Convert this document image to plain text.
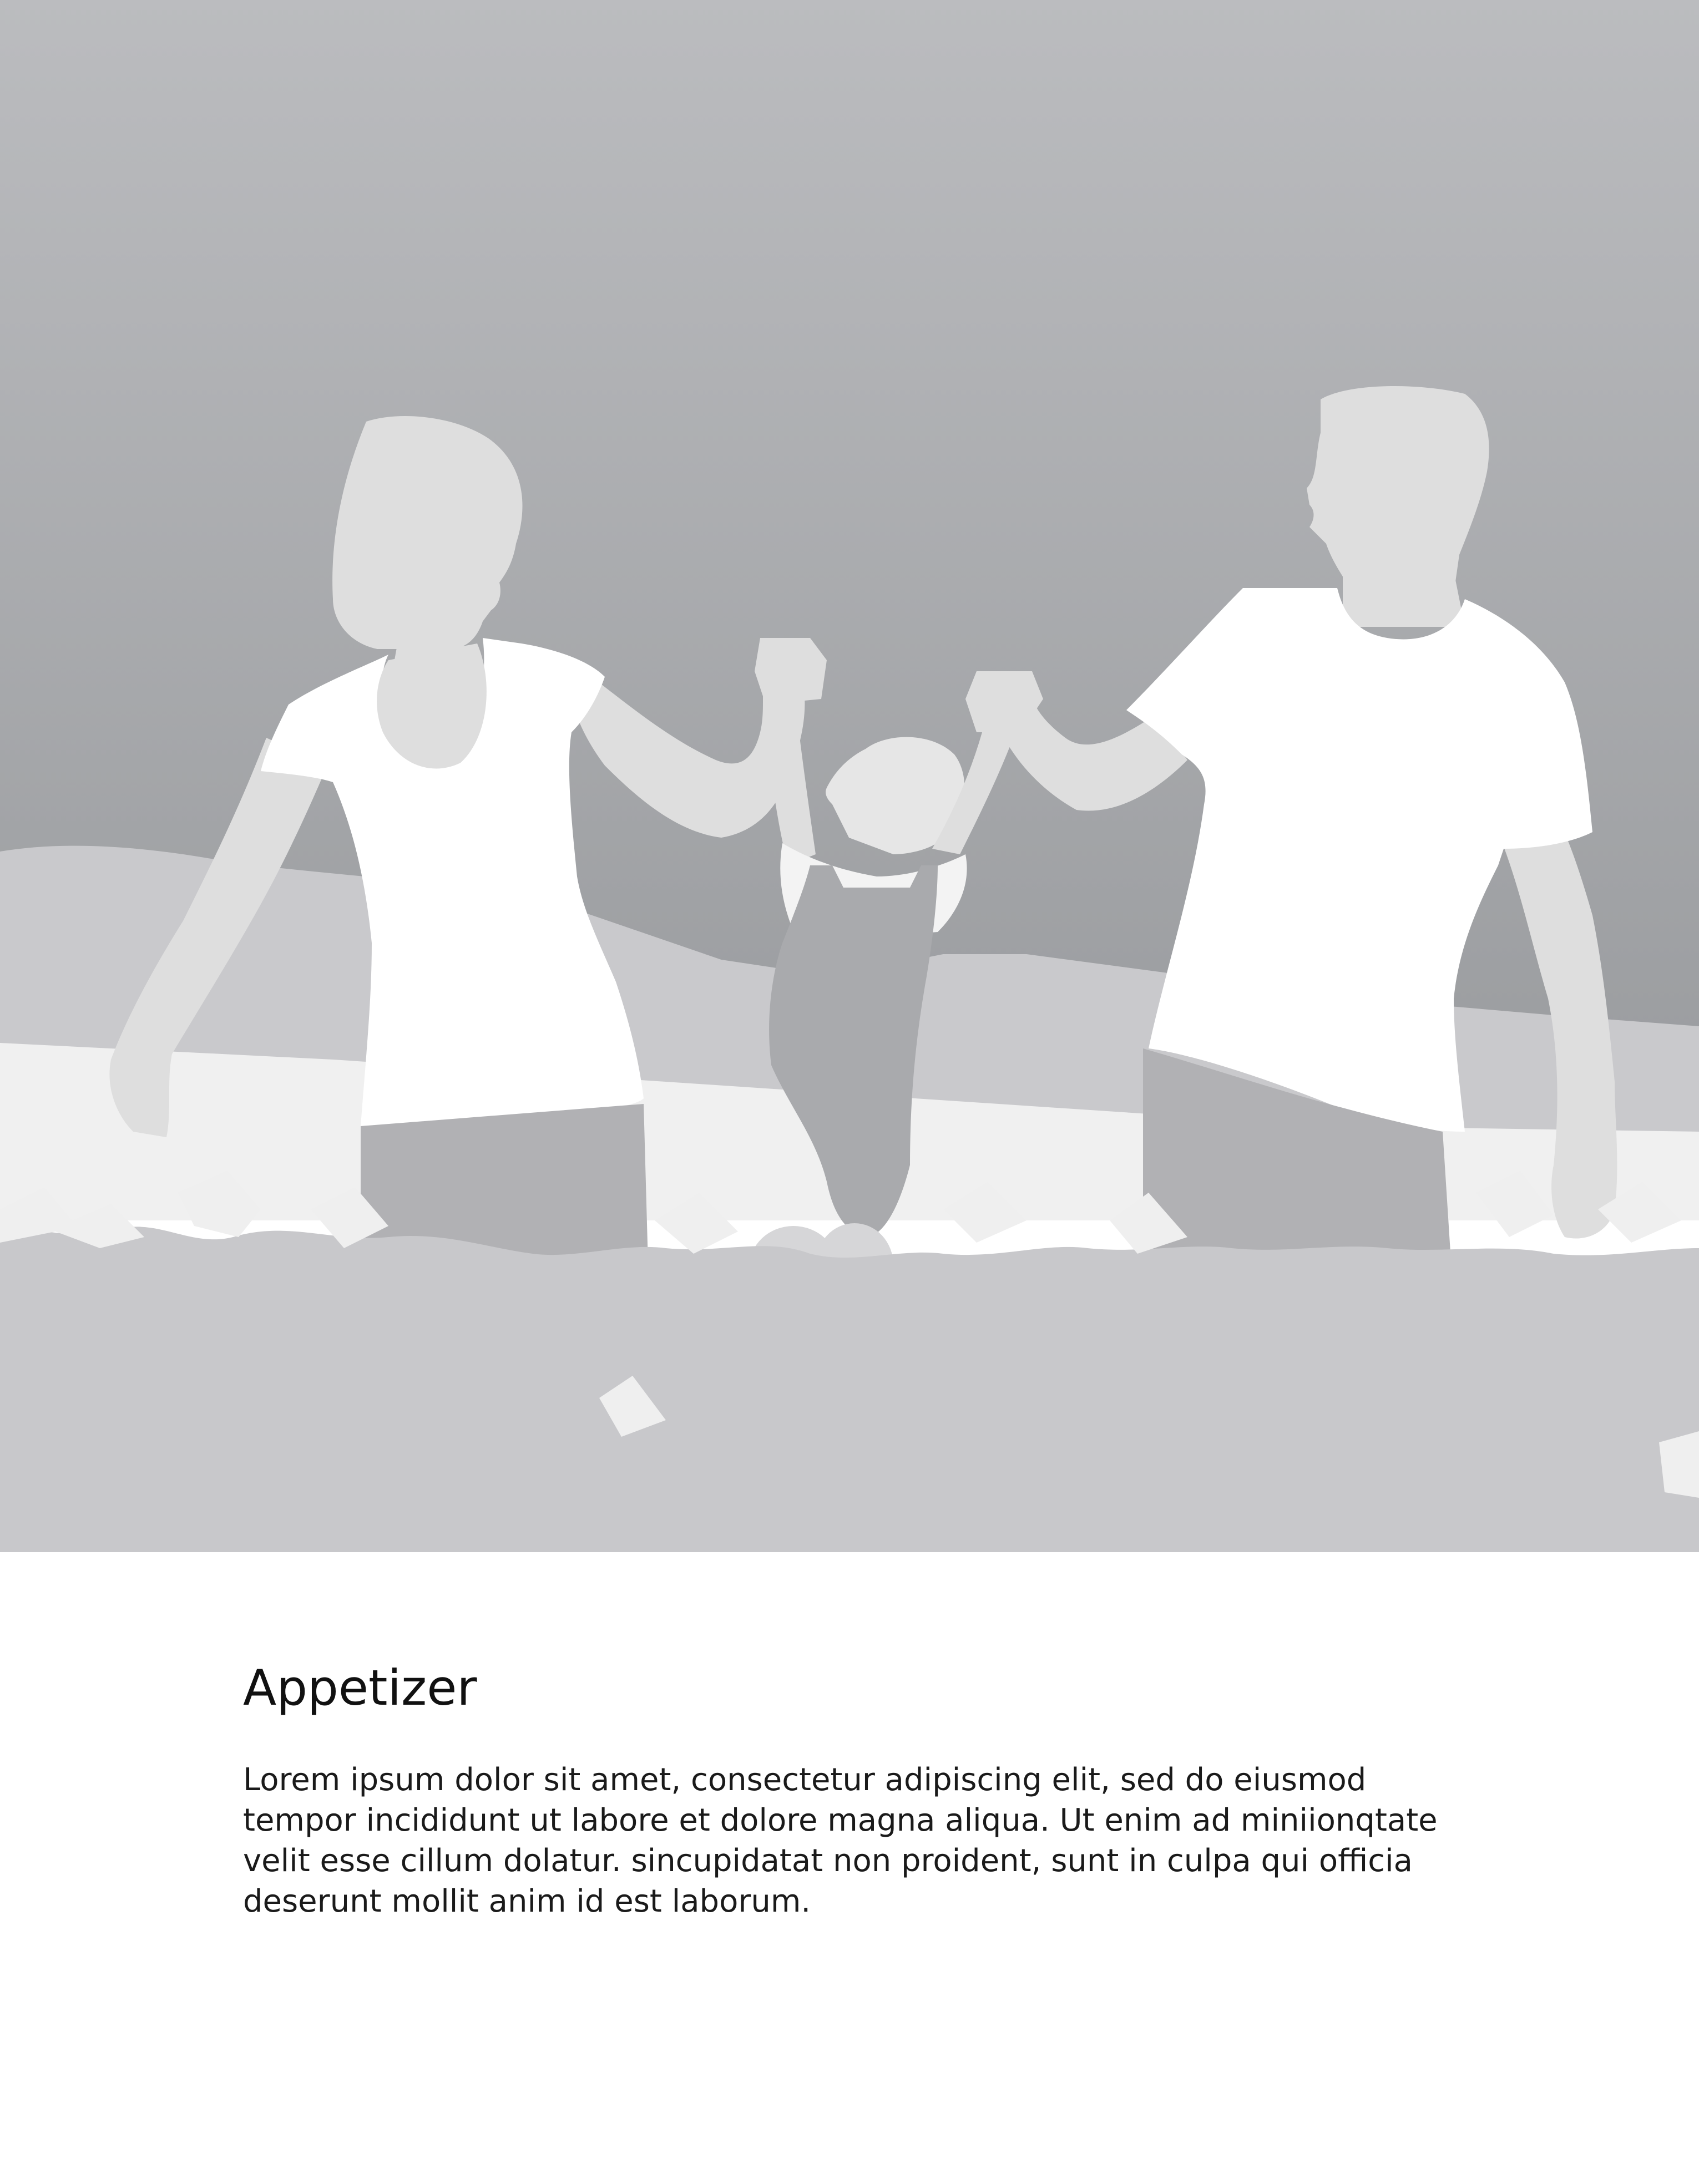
Appetizer

Lorem ipsum dolor sit amet, consectetur adipiscing elit, sed do eiusmod tempor incididunt ut labore et dolore magna aliqua. Ut enim ad miniionqtate velit esse cillum dolatur. sincupidatat non proident, sunt in culpa qui officia deserunt mollit anim id est laborum.
